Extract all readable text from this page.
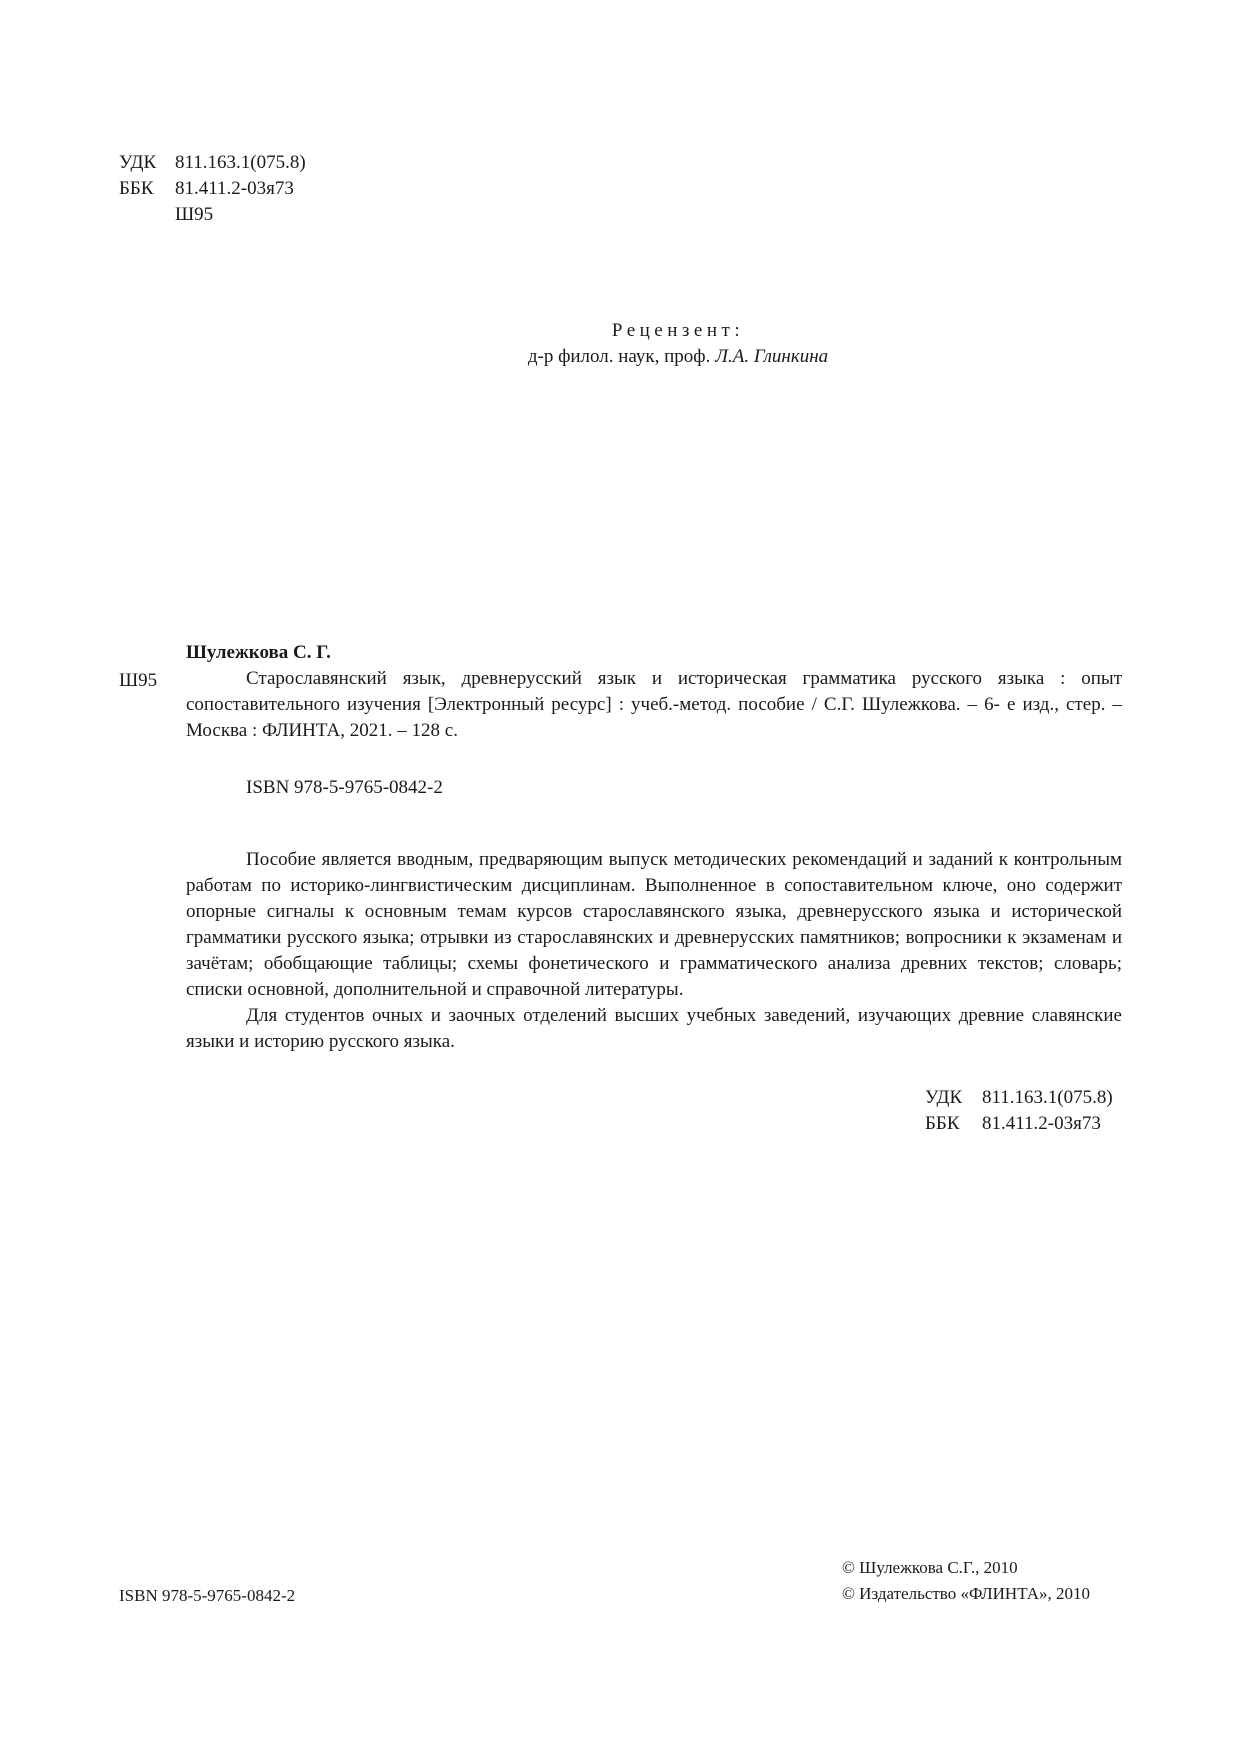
УДК 811.163.1(075.8)
ББК	81.411.2-03я73
Ш95
Рецензент:
д-р филол. наук, проф. Л.А. Глинкина
Шулежкова С. Г.
Ш95	Старославянский язык, древнерусский язык и историческая грамматика русского языка : опыт сопоставительного изучения [Электронный ресурс] : учеб.-метод. пособие / С.Г. Шулежкова. – 6- е изд., стер. – Москва : ФЛИНТА, 2021. – 128 с.

ISBN 978-5-9765-0842-2

Пособие является вводным, предваряющим выпуск методических рекомендаций и заданий к контрольным работам по историко-лингвистическим дисциплинам. Выполненное в сопоставительном ключе, оно содержит опорные сигналы к основным темам курсов старославянского языка, древнерусского языка и исторической грамматики русского языка; отрывки из старославянских и древнерусских памятников; вопросники к экзаменам и зачётам; обобщающие таблицы; схемы фонетического и грамматического анализа древних текстов; словарь; списки основной, дополнительной и справочной литературы.

Для студентов очных и заочных отделений высших учебных заведений, изучающих древние славянские языки и историю русского языка.

УДК	811.163.1(075.8)
ББК	81.411.2-03я73
ISBN 978-5-9765-0842-2
© Шулежкова С.Г., 2010
© Издательство «ФЛИНТА», 2010
